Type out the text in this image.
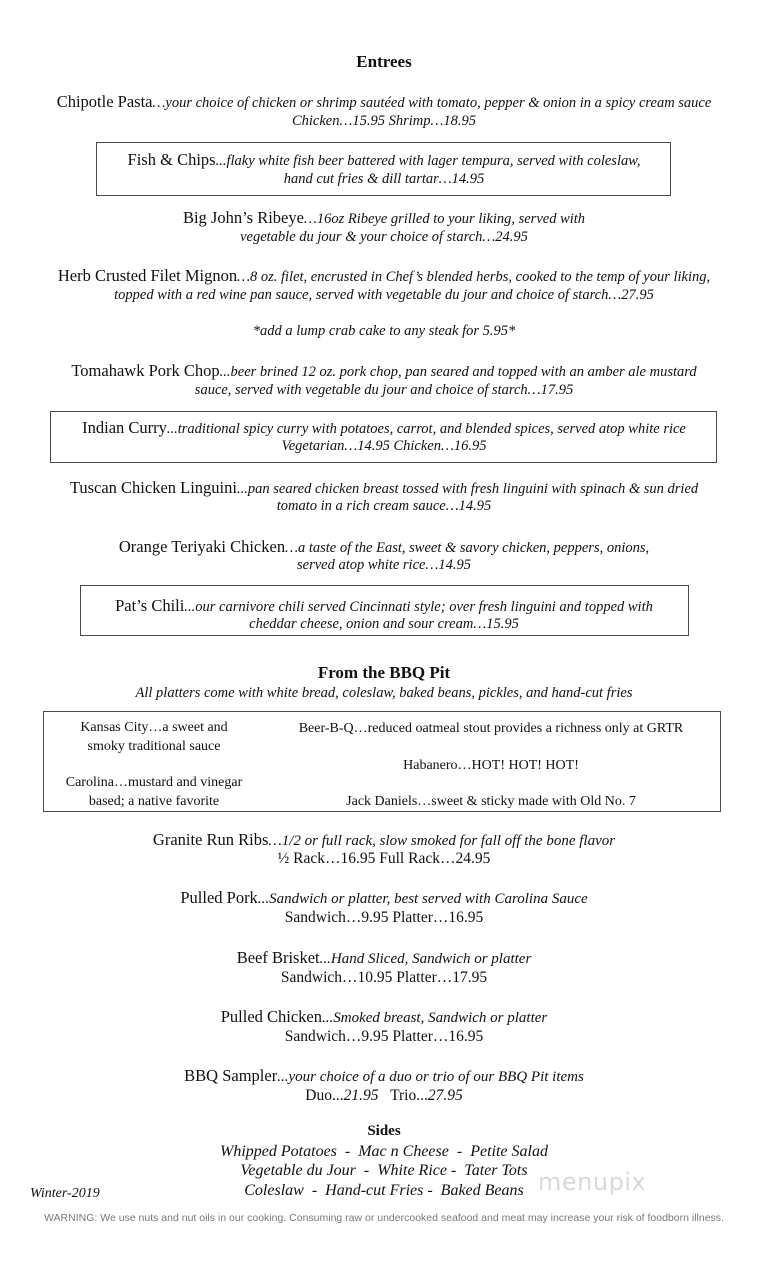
Entrees
Chipotle Pasta…your choice of chicken or shrimp sautéed with tomato, pepper & onion in a spicy cream sauce
Chicken…15.95 Shrimp…18.95
Fish & Chips...flaky white fish beer battered with lager tempura, served with coleslaw,
hand cut fries & dill tartar…14.95
Big John’s Ribeye…16oz Ribeye grilled to your liking, served with
vegetable du jour & your choice of starch…24.95
Herb Crusted Filet Mignon…8 oz. filet, encrusted in Chef’s blended herbs, cooked to the temp of your liking,
topped with a red wine pan sauce, served with vegetable du jour and choice of starch…27.95
*add a lump crab cake to any steak for 5.95*
Tomahawk Pork Chop...beer brined 12 oz. pork chop, pan seared and topped with an amber ale mustard
sauce, served with vegetable du jour and choice of starch…17.95
Indian Curry...traditional spicy curry with potatoes, carrot, and blended spices, served atop white rice
Vegetarian…14.95 Chicken…16.95
Tuscan Chicken Linguini...pan seared chicken breast tossed with fresh linguini with spinach & sun dried
tomato in a rich cream sauce…14.95
Orange Teriyaki Chicken…a taste of the East, sweet & savory chicken, peppers, onions,
served atop white rice…14.95
Pat’s Chili...our carnivore chili served Cincinnati style; over fresh linguini and topped with
cheddar cheese, onion and sour cream…15.95
From the BBQ Pit
All platters come with white bread, coleslaw, baked beans, pickles, and hand-cut fries
Kansas City…a sweet and
smoky traditional sauce
Carolina…mustard and vinegar
based; a native favorite
Beer-B-Q…reduced oatmeal stout provides a richness only at GRTR
Habanero…HOT! HOT! HOT!
Jack Daniels…sweet & sticky made with Old No. 7
Granite Run Ribs…1/2 or full rack, slow smoked for fall off the bone flavor
½ Rack…16.95 Full Rack…24.95
Pulled Pork...Sandwich or platter, best served with Carolina Sauce
Sandwich…9.95 Platter…16.95
Beef Brisket...Hand Sliced, Sandwich or platter
Sandwich…10.95 Platter…17.95
Pulled Chicken...Smoked breast, Sandwich or platter
Sandwich…9.95 Platter…16.95
BBQ Sampler...your choice of a duo or trio of our BBQ Pit items
Duo...21.95 Trio...27.95
Sides
Whipped Potatoes  -  Mac n Cheese  -  Petite Salad
Vegetable du Jour  -  White Rice -  Tater Tots
Coleslaw  -  Hand-cut Fries -  Baked Beans menupix
Winter-2019
WARNING: We use nuts and nut oils in our cooking. Consuming raw or undercooked seafood and meat may increase your risk of foodborn illness.
